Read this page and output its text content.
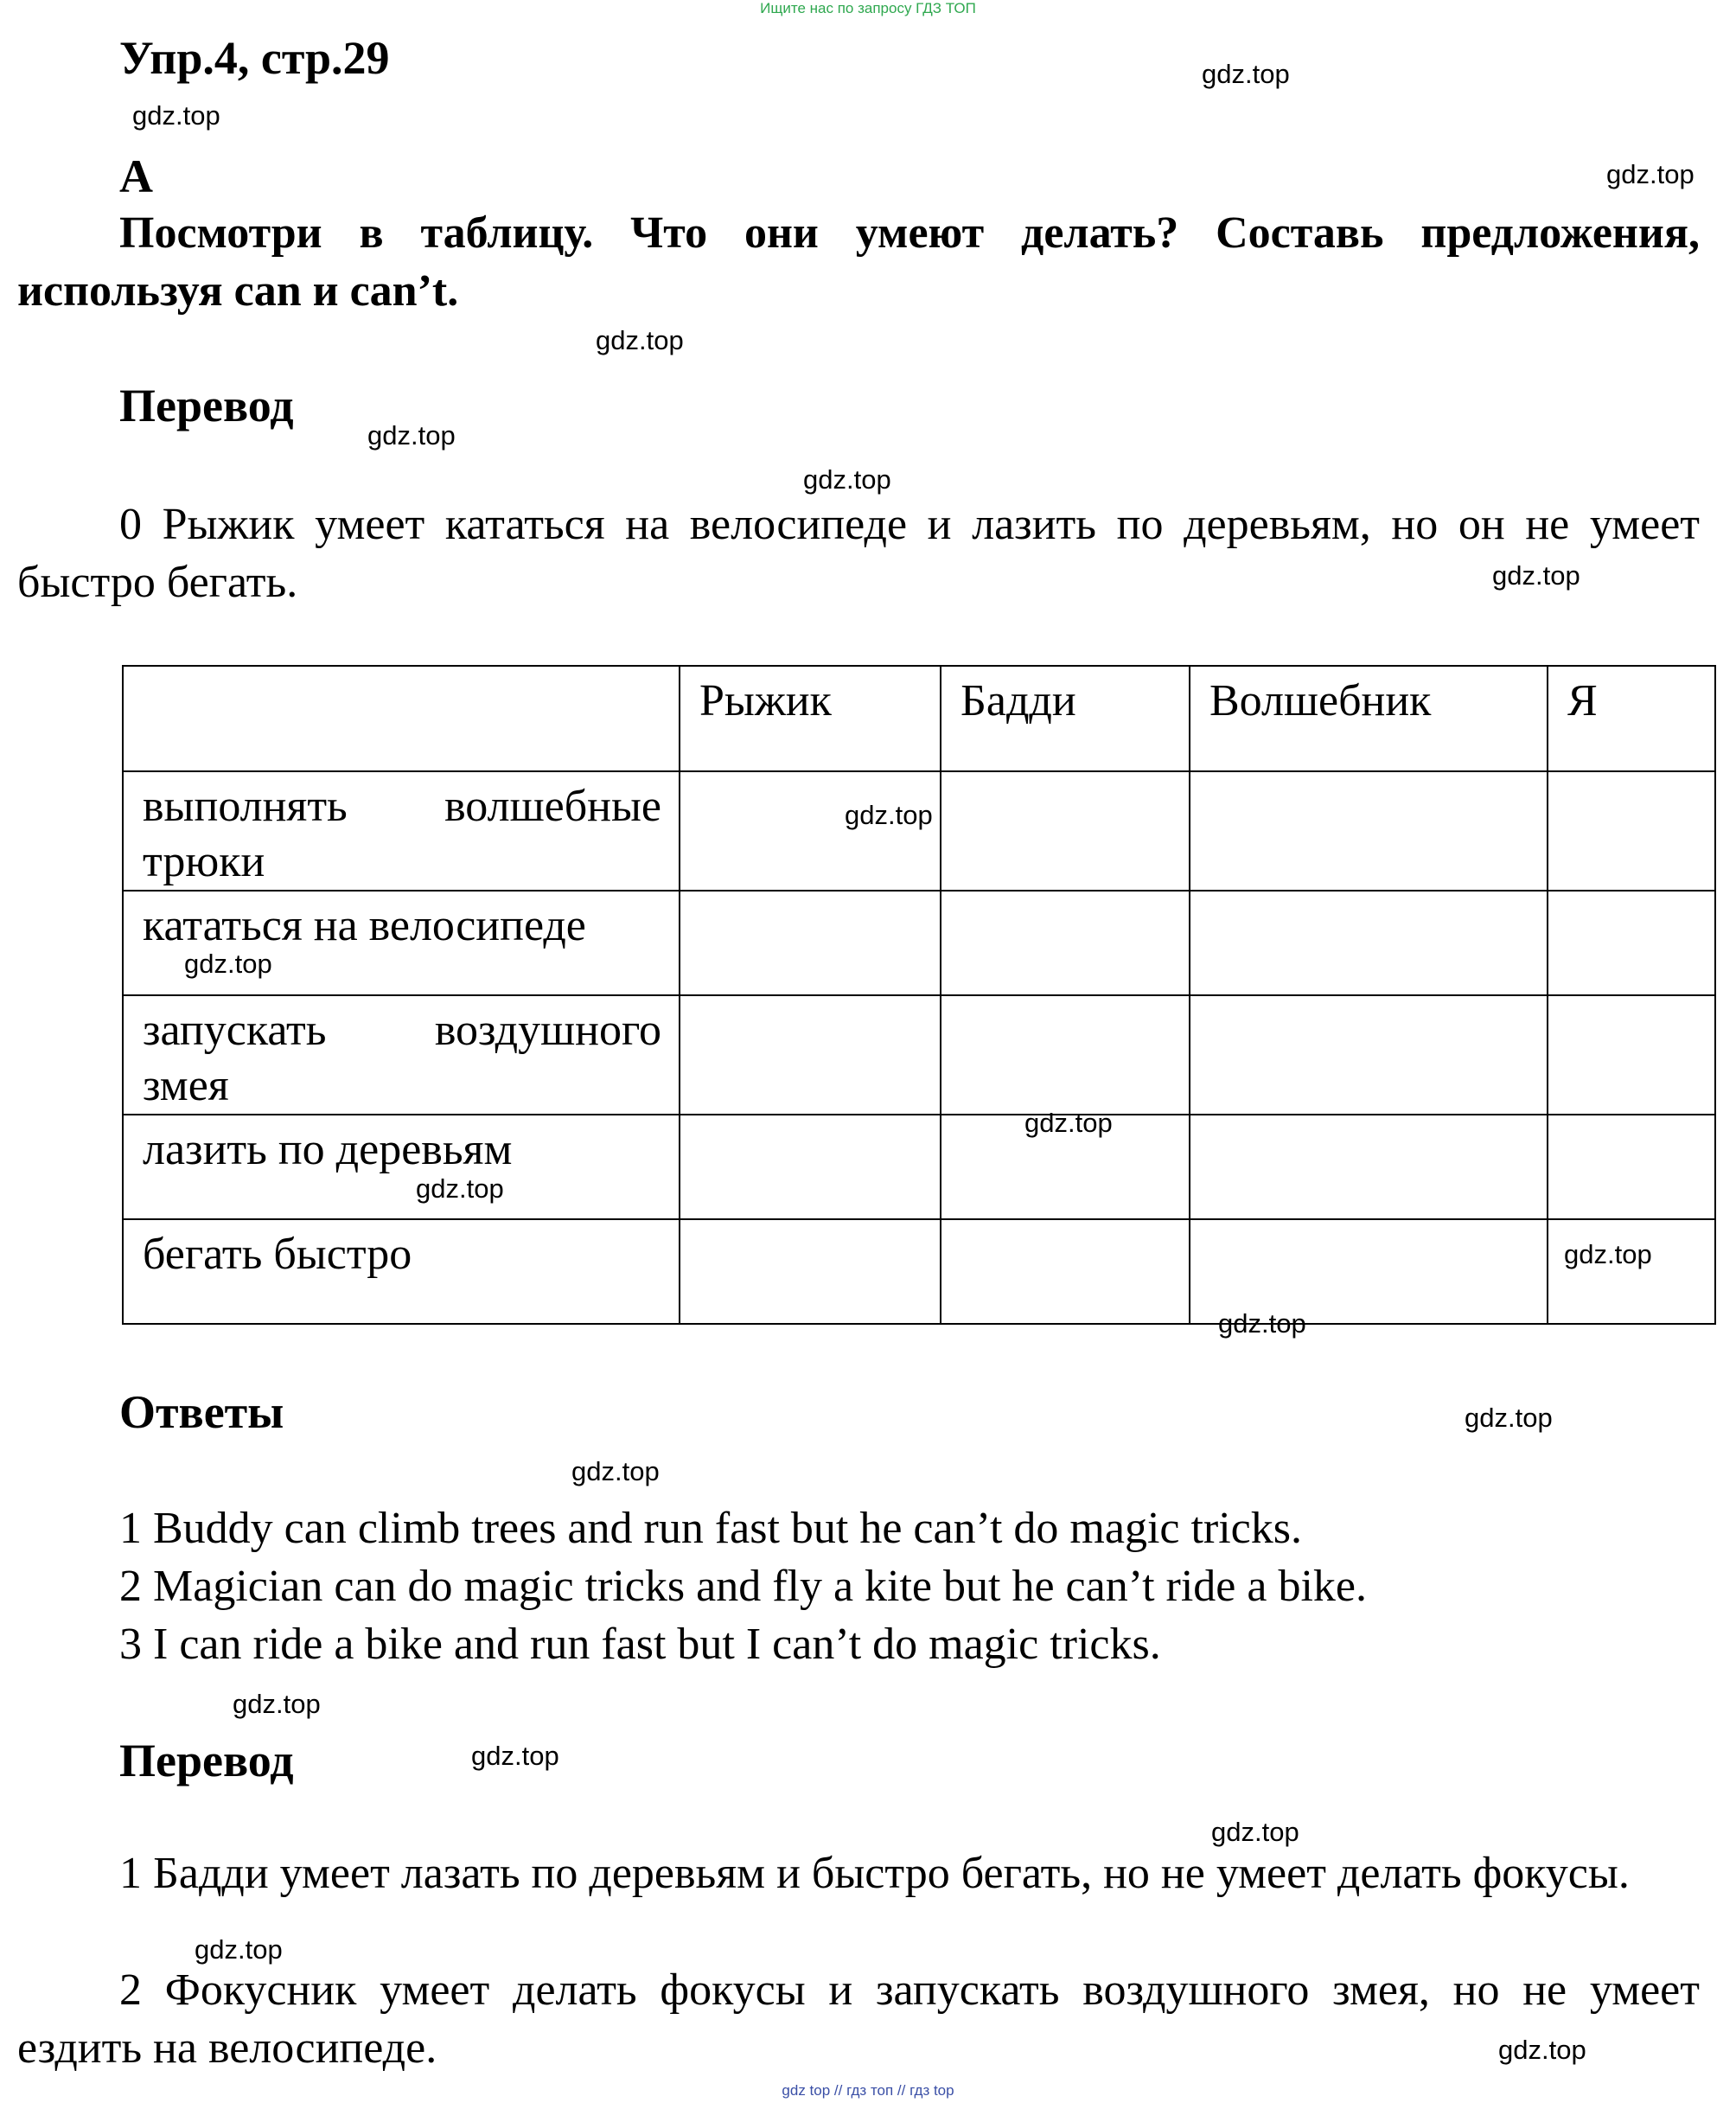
Ищите нас по запросу ГДЗ ТОП
Упр.4, стр.29
A
Посмотри в таблицу. Что они умеют делать? Составь предложения, используя can и can’t.
Перевод
0 Рыжик умеет кататься на велосипеде и лазить по деревьям, но он не умеет быстро бегать.
	Рыжик	Бадди	Волшебник	Я
выполнять волшебные трюки				
кататься на велосипеде				
запускать воздушного змея				
лазить по деревьям				
бегать быстро				
Ответы
1 Buddy can climb trees and run fast but he can’t do magic tricks.
2 Magician can do magic tricks and fly a kite but he can’t ride a bike.
3 I can ride a bike and run fast but I can’t do magic tricks.
Перевод
1 Бадди умеет лазать по деревьям и быстро бегать, но не умеет делать фокусы.
2 Фокусник умеет делать фокусы и запускать воздушного змея, но не умеет ездить на велосипеде.
gdz.top
gdz.top
gdz.top
gdz.top
gdz.top
gdz.top
gdz.top
gdz.top
gdz.top
gdz.top
gdz.top
gdz.top
gdz.top
gdz.top
gdz.top
gdz.top
gdz.top
gdz.top
gdz.top
gdz.top
gdz top // гдз топ // гдз top
